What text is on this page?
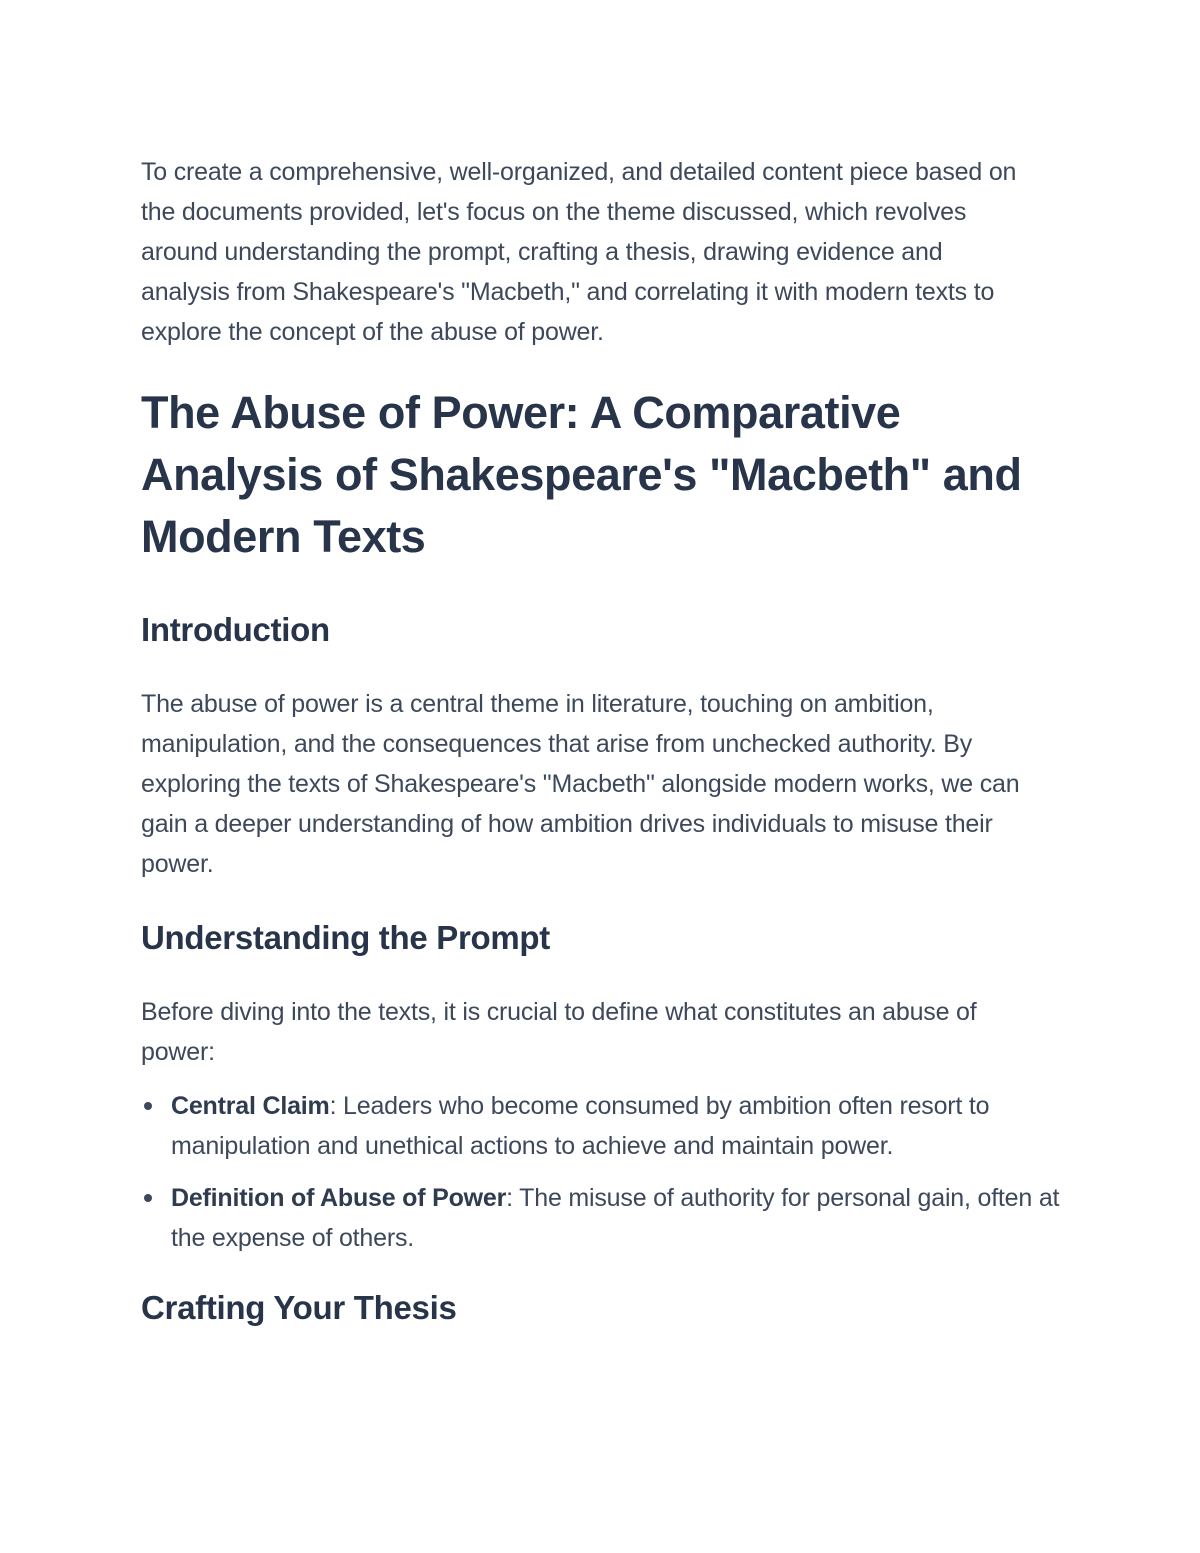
To create a comprehensive, well-organized, and detailed content piece based on the documents provided, let's focus on the theme discussed, which revolves around understanding the prompt, crafting a thesis, drawing evidence and analysis from Shakespeare's "Macbeth," and correlating it with modern texts to explore the concept of the abuse of power.

The Abuse of Power: A Comparative Analysis of Shakespeare's "Macbeth" and Modern Texts
Introduction

The abuse of power is a central theme in literature, touching on ambition, manipulation, and the consequences that arise from unchecked authority. By exploring the texts of Shakespeare's "Macbeth" alongside modern works, we can gain a deeper understanding of how ambition drives individuals to misuse their power.

Understanding the Prompt

Before diving into the texts, it is crucial to define what constitutes an abuse of power:

Central Claim: Leaders who become consumed by ambition often resort to manipulation and unethical actions to achieve and maintain power.
Definition of Abuse of Power: The misuse of authority for personal gain, often at the expense of others.
Crafting Your Thesis
